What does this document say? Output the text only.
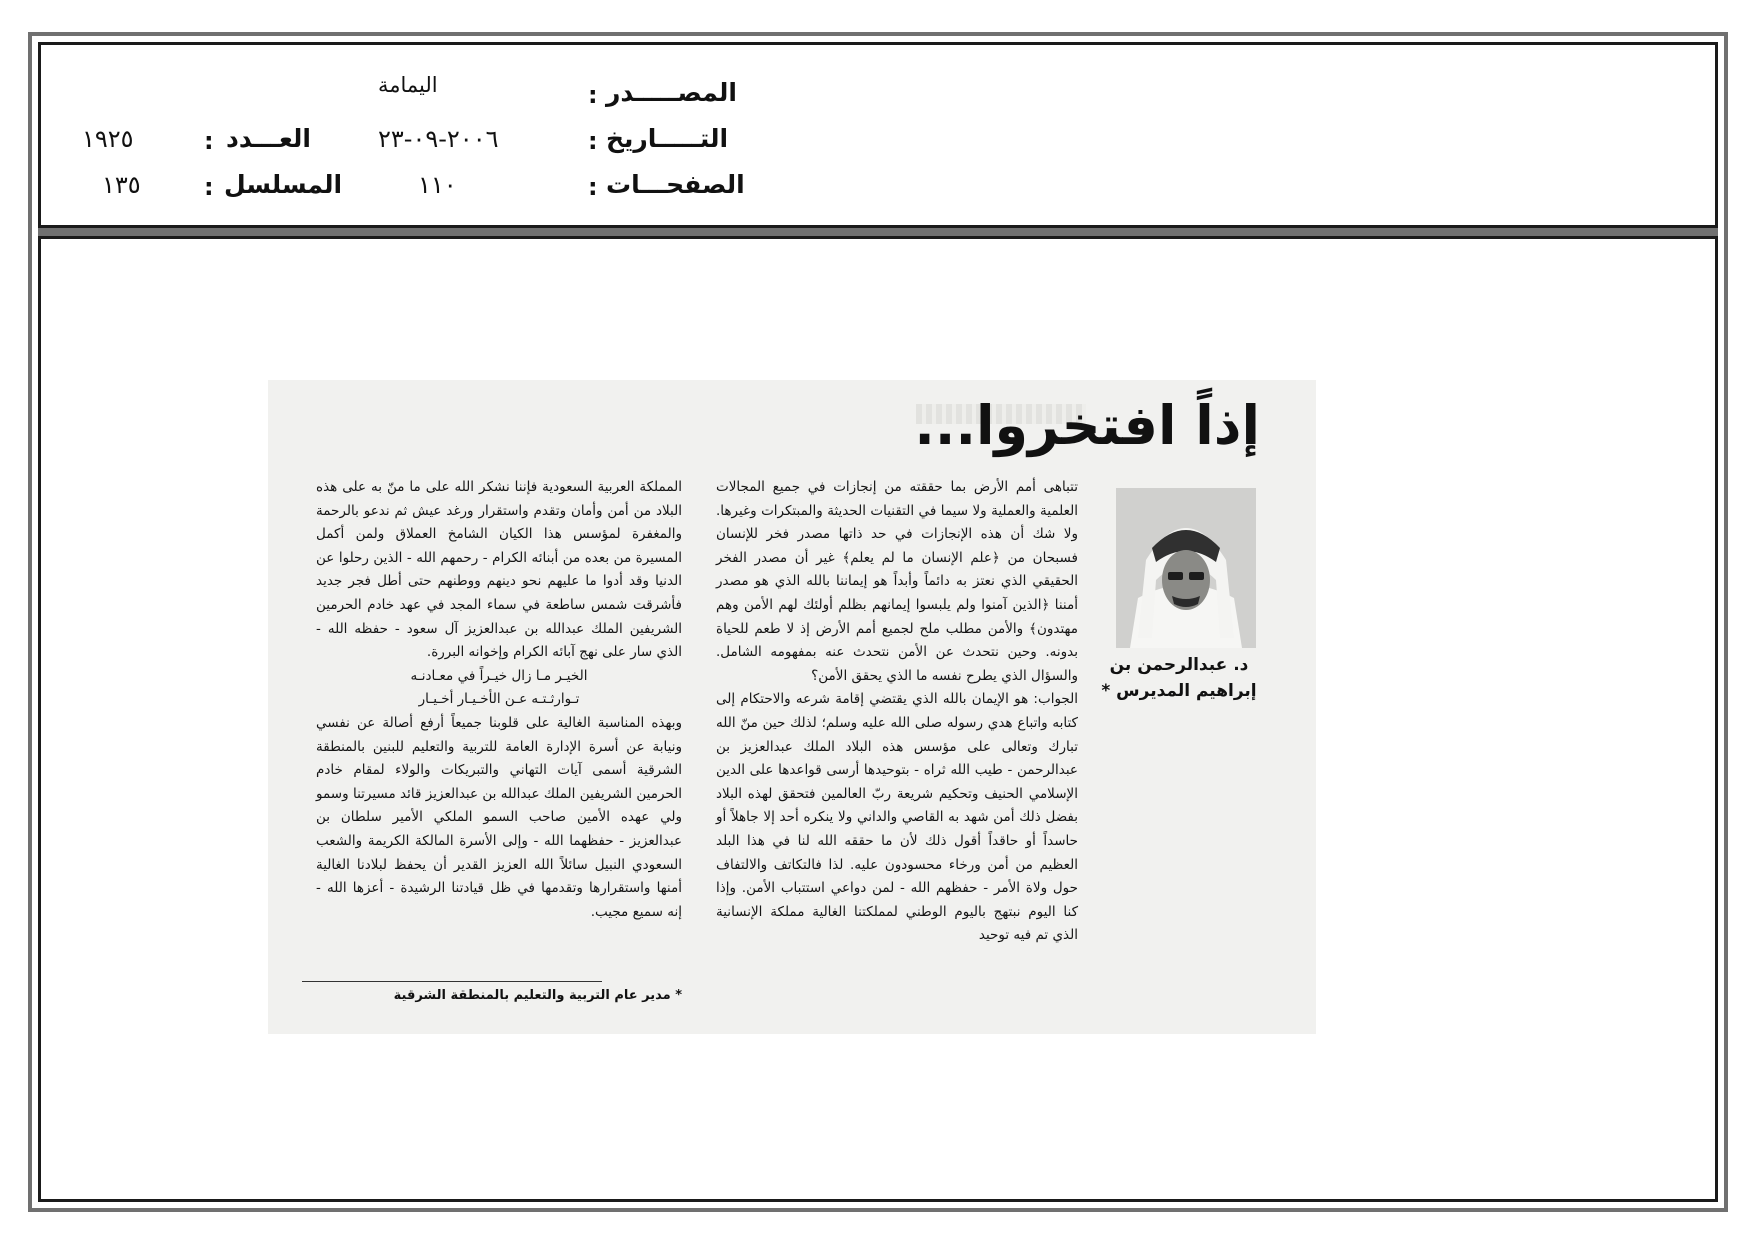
المصـــــدر
:
اليمامة
التـــــاريخ
:
٢٠٠٦-٠٩-٢٣
العـــدد
:
١٩٢٥
الصفحـــات
:
١١٠
المسلسل
:
١٣٥
إذاً افتخروا...
د. عبدالرحمن بن
إبراهيم المديرس *

تتباهى أمم الأرض بما حققته من إنجازات في جميع المجالات العلمية والعملية ولا سيما في التقنيات الحديثة والمبتكرات وغيرها. ولا شك أن هذه الإنجازات في حد ذاتها مصدر فخر للإنسان فسبحان من ﴿علم الإنسان ما لم يعلم﴾ غير أن مصدر الفخر الحقيقي الذي نعتز به دائماً وأبداً هو إيماننا بالله الذي هو مصدر أمننا ﴿الذين آمنوا ولم يلبسوا إيمانهم بظلم أولئك لهم الأمن وهم مهتدون﴾ والأمن مطلب ملح لجميع أمم الأرض إذ لا طعم للحياة بدونه. وحين نتحدث عن الأمن نتحدث عنه بمفهومه الشامل. والسؤال الذي يطرح نفسه ما الذي يحقق الأمن؟

الجواب: هو الإيمان بالله الذي يقتضي إقامة شرعه والاحتكام إلى كتابه واتباع هدي رسوله صلى الله عليه وسلم؛ لذلك حين منّ الله تبارك وتعالى على مؤسس هذه البلاد الملك عبدالعزيز بن عبدالرحمن - طيب الله ثراه - بتوحيدها أرسى قواعدها على الدين الإسلامي الحنيف وتحكيم شريعة ربّ العالمين فتحقق لهذه البلاد بفضل ذلك أمن شهد به القاصي والداني ولا ينكره أحد إلا جاهلاً أو حاسداً أو حاقداً أقول ذلك لأن ما حققه الله لنا في هذا البلد العظيم من أمن ورخاء محسودون عليه. لذا فالتكاتف والالتفاف حول ولاة الأمر - حفظهم الله - لمن دواعي استتباب الأمن. وإذا كنا اليوم نبتهج باليوم الوطني لمملكتنا الغالية مملكة الإنسانية الذي تم فيه توحيد

المملكة العربية السعودية فإننا نشكر الله على ما منّ به على هذه البلاد من أمن وأمان وتقدم واستقرار ورغد عيش ثم ندعو بالرحمة والمغفرة لمؤسس هذا الكيان الشامخ العملاق ولمن أكمل المسيرة من بعده من أبنائه الكرام - رحمهم الله - الذين رحلوا عن الدنيا وقد أدوا ما عليهم نحو دينهم ووطنهم حتى أطل فجر جديد فأشرقت شمس ساطعة في سماء المجد في عهد خادم الحرمين الشريفين الملك عبدالله بن عبدالعزيز آل سعود - حفظه الله - الذي سار على نهج آبائه الكرام وإخوانه البررة.

الخيـر مـا زال خيـراً في معـادنـه

تـوارثـتـه عـن الأخـيـار أخـيـار

وبهذه المناسبة الغالية على قلوبنا جميعاً أرفع أصالة عن نفسي ونيابة عن أسرة الإدارة العامة للتربية والتعليم للبنين بالمنطقة الشرقية أسمى آيات التهاني والتبريكات والولاء لمقام خادم الحرمين الشريفين الملك عبدالله بن عبدالعزيز قائد مسيرتنا وسمو ولي عهده الأمين صاحب السمو الملكي الأمير سلطان بن عبدالعزيز - حفظهما الله - وإلى الأسرة المالكة الكريمة والشعب السعودي النبيل سائلاً الله العزيز القدير أن يحفظ لبلادنا الغالية أمنها واستقرارها وتقدمها في ظل قيادتنا الرشيدة - أعزها الله - إنه سميع مجيب.

* مدير عام التربية والتعليم بالمنطقة الشرقية
